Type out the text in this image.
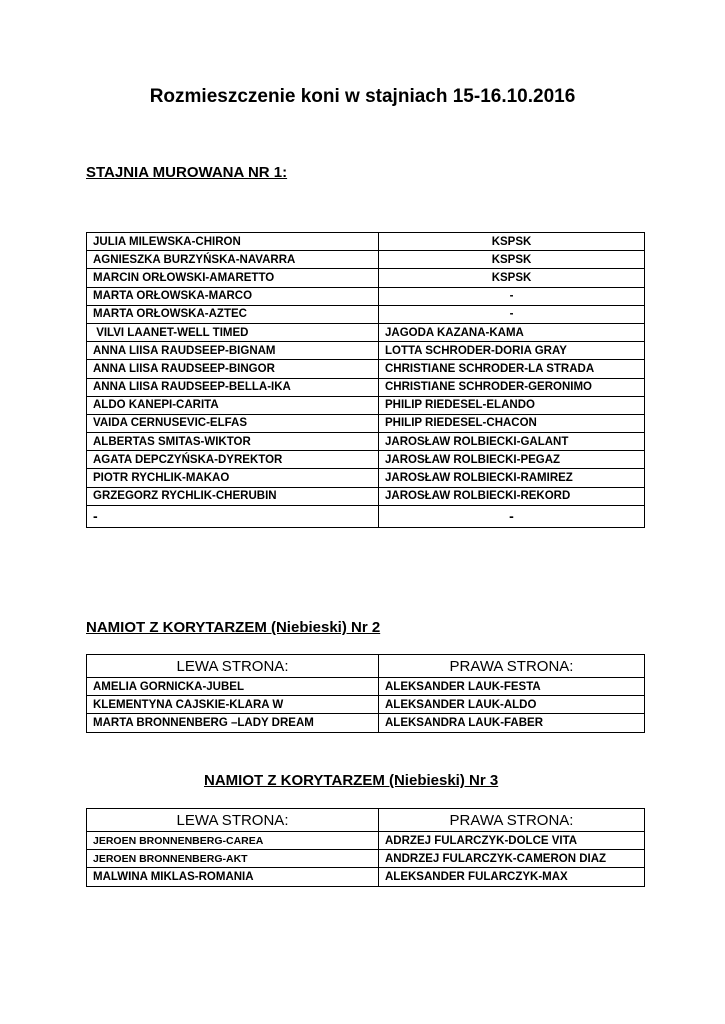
Rozmieszczenie koni w stajniach 15-16.10.2016
STAJNIA MUROWANA NR 1:
JULIA MILEWSKA-CHIRON	KSPSK
AGNIESZKA BURZYŃSKA-NAVARRA	KSPSK
MARCIN ORŁOWSKI-AMARETTO	KSPSK
MARTA ORŁOWSKA-MARCO	-
MARTA ORŁOWSKA-AZTEC	-
VILVI LAANET-WELL TIMED	JAGODA KAZANA-KAMA
ANNA LIISA RAUDSEEP-BIGNAM	LOTTA SCHRODER-DORIA GRAY
ANNA LIISA RAUDSEEP-BINGOR	CHRISTIANE SCHRODER-LA STRADA
ANNA LIISA RAUDSEEP-BELLA-IKA	CHRISTIANE SCHRODER-GERONIMO
ALDO KANEPI-CARITA	PHILIP RIEDESEL-ELANDO
VAIDA CERNUSEVIC-ELFAS	PHILIP RIEDESEL-CHACON
ALBERTAS SMITAS-WIKTOR	JAROSŁAW ROLBIECKI-GALANT
AGATA DEPCZYŃSKA-DYREKTOR	JAROSŁAW ROLBIECKI-PEGAZ
PIOTR RYCHLIK-MAKAO	JAROSŁAW ROLBIECKI-RAMIREZ
GRZEGORZ RYCHLIK-CHERUBIN	JAROSŁAW ROLBIECKI-REKORD
-	-
NAMIOT Z KORYTARZEM (Niebieski) Nr 2
LEWA STRONA:	PRAWA STRONA:
AMELIA GORNICKA-JUBEL	ALEKSANDER LAUK-FESTA
KLEMENTYNA CAJSKIE-KLARA W	ALEKSANDER LAUK-ALDO
MARTA BRONNENBERG –LADY DREAM	ALEKSANDRA LAUK-FABER
NAMIOT Z KORYTARZEM (Niebieski) Nr 3
LEWA STRONA:	PRAWA STRONA:
JEROEN BRONNENBERG-CAREA	ADRZEJ FULARCZYK-DOLCE VITA
JEROEN BRONNENBERG-AKT	ANDRZEJ FULARCZYK-CAMERON DIAZ
MALWINA MIKLAS-ROMANIA	ALEKSANDER FULARCZYK-MAX
